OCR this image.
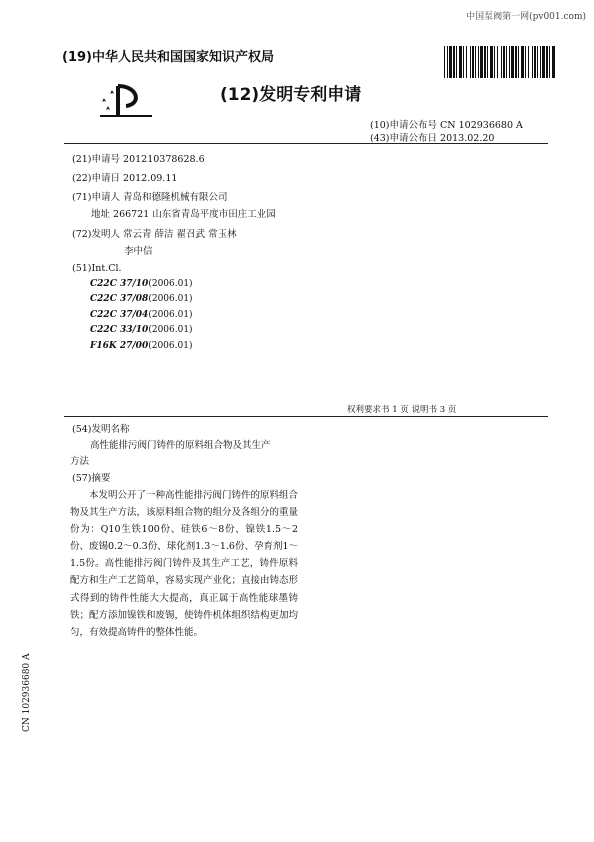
中国泵阀第一网(pv001.com)
(19)中华人民共和国国家知识产权局
(12)发明专利申请
(10)申请公布号 CN 102936680 A
(43)申请公布日 2013.02.20
(21)申请号 201210378628.6
(22)申请日 2012.09.11
(71)申请人 青岛和德隆机械有限公司
地址 266721 山东省青岛平度市田庄工业园
(72)发明人 常云青 薛洁 翟召武 常玉林
李中信
(51)Int.Cl.
C22C 37/10(2006.01)
C22C 37/08(2006.01)
C22C 37/04(2006.01)
C22C 33/10(2006.01)
F16K 27/00(2006.01)
权利要求书 1 页 说明书 3 页
(54)发明名称
高性能排污阀门铸件的原料组合物及其生产
方法
(57)摘要

本发明公开了一种高性能排污阀门铸件的原料组合物及其生产方法，该原料组合物的组分及各组分的重量份为：Q10生铁100份、硅铁6～8份、镍铁1.5～2份、废锡0.2～0.3份、球化剂1.3～1.6份、孕育剂1～1.5份。高性能排污阀门铸件及其生产工艺，铸件原料配方和生产工艺简单，容易实现产业化；直接由铸态形式得到的铸件性能大大提高，真正属于高性能球墨铸铁；配方添加镍铁和废锡，使铸件机体组织结构更加均匀，有效提高铸件的整体性能。

CN 102936680 A
